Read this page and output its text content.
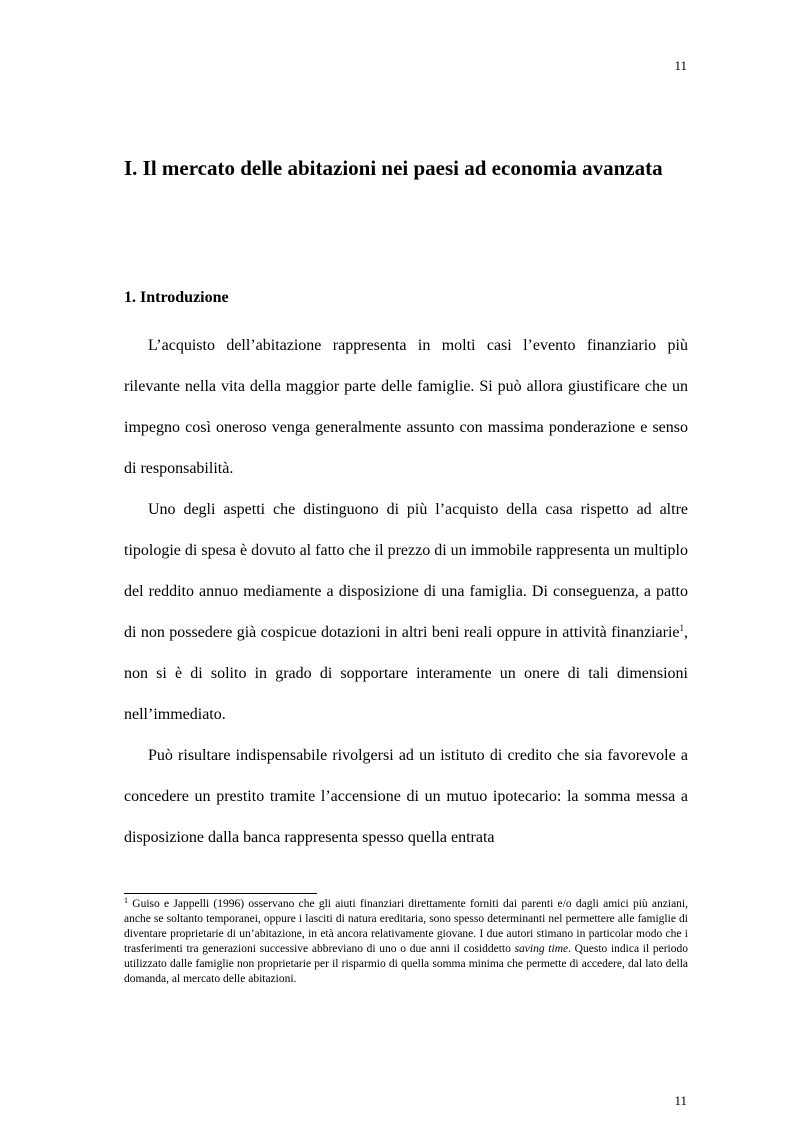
11
I. Il mercato delle abitazioni nei paesi ad economia avanzata
1. Introduzione

L’acquisto dell’abitazione rappresenta in molti casi l’evento finanziario più rilevante nella vita della maggior parte delle famiglie. Si può allora giustificare che un impegno così oneroso venga generalmente assunto con massima ponderazione e senso di responsabilità.

Uno degli aspetti che distinguono di più l’acquisto della casa rispetto ad altre tipologie di spesa è dovuto al fatto che il prezzo di un immobile rappresenta un multiplo del reddito annuo mediamente a disposizione di una famiglia. Di conseguenza, a patto di non possedere già cospicue dotazioni in altri beni reali oppure in attività finanziarie$^1$, non si è di solito in grado di sopportare interamente un onere di tali dimensioni nell’immediato.

Può risultare indispensabile rivolgersi ad un istituto di credito che sia favorevole a concedere un prestito tramite l’accensione di un mutuo ipotecario: la somma messa a disposizione dalla banca rappresenta spesso quella entrata

$^1$ Guiso e Jappelli (1996) osservano che gli aiuti finanziari direttamente forniti dai parenti e/o dagli amici più anziani, anche se soltanto temporanei, oppure i lasciti di natura ereditaria, sono spesso determinanti nel permettere alle famiglie di diventare proprietarie di un’abitazione, in età ancora relativamente giovane. I due autori stimano in particolar modo che i trasferimenti tra generazioni successive abbreviano di uno o due anni il cosiddetto saving time. Questo indica il periodo utilizzato dalle famiglie non proprietarie per il risparmio di quella somma minima che permette di accedere, dal lato della domanda, al mercato delle abitazioni.

11
